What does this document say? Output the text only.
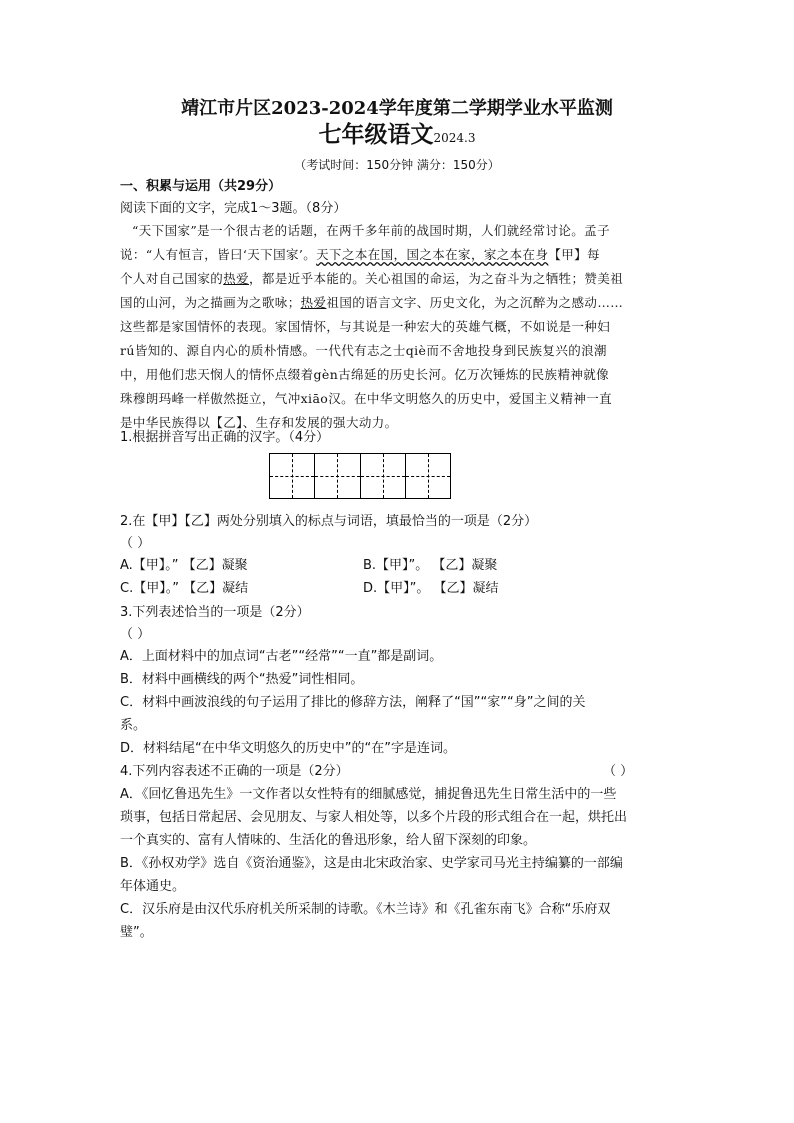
靖江市片区2023-2024学年度第二学期学业水平监测
七年级语文2024.3
（考试时间：150分钟 满分：150分）
一、积累与运用（共29分）
阅读下面的文字，完成1～3题。（8分）
“天下国家”是一个很古老的话题，在两千多年前的战国时期，人们就经常讨论。孟子
说：“人有恒言，皆曰‘天下国家’。天下之本在国，国之本在家，家之本在身【甲】每
个人对自己国家的热爱，都是近乎本能的。关心祖国的命运，为之奋斗为之牺牲；赞美祖
国的山河，为之描画为之歌咏；热爱祖国的语言文字、历史文化，为之沉醉为之感动……
这些都是家国情怀的表现。家国情怀，与其说是一种宏大的英雄气概，不如说是一种妇
rú皆知的、源自内心的质朴情感。一代代有志之士qiè而不舍地投身到民族复兴的浪潮
中，用他们悲天悯人的情怀点缀着gèn古绵延的历史长河。亿万次锤炼的民族精神就像
珠穆朗玛峰一样傲然挺立，气冲xiāo汉。在中华文明悠久的历史中，爱国主义精神一直
是中华民族得以【乙】、生存和发展的强大动力。
1.根据拼音写出正确的汉字。（4分）
2.在【甲】【乙】两处分别填入的标点与词语，填最恰当的一项是（2分）
（ ）
A.【甲】。” 【乙】凝聚	B.【甲】”。 【乙】凝聚
C.【甲】。” 【乙】凝结	D.【甲】”。 【乙】凝结
3.下列表述恰当的一项是（2分）
（ ）
A．上面材料中的加点词“古老”“经常”“一直”都是副词。
B．材料中画横线的两个“热爱”词性相同。
C．材料中画波浪线的句子运用了排比的修辞方法，阐释了“国”“家”“身”之间的关
系。
D．材料结尾“在中华文明悠久的历史中”的“在”字是连词。
4.下列内容表述不正确的一项是（2分）	（ ）
A．《回忆鲁迅先生》一文作者以女性特有的细腻感觉，捕捉鲁迅先生日常生活中的一些
琐事，包括日常起居、会见朋友、与家人相处等，以多个片段的形式组合在一起，烘托出
一个真实的、富有人情味的、生活化的鲁迅形象，给人留下深刻的印象。
B．《孙权劝学》选自《资治通鉴》，这是由北宋政治家、史学家司马光主持编纂的一部编
年体通史。
C．汉乐府是由汉代乐府机关所采制的诗歌。《木兰诗》和《孔雀东南飞》合称“乐府双
璧”。
